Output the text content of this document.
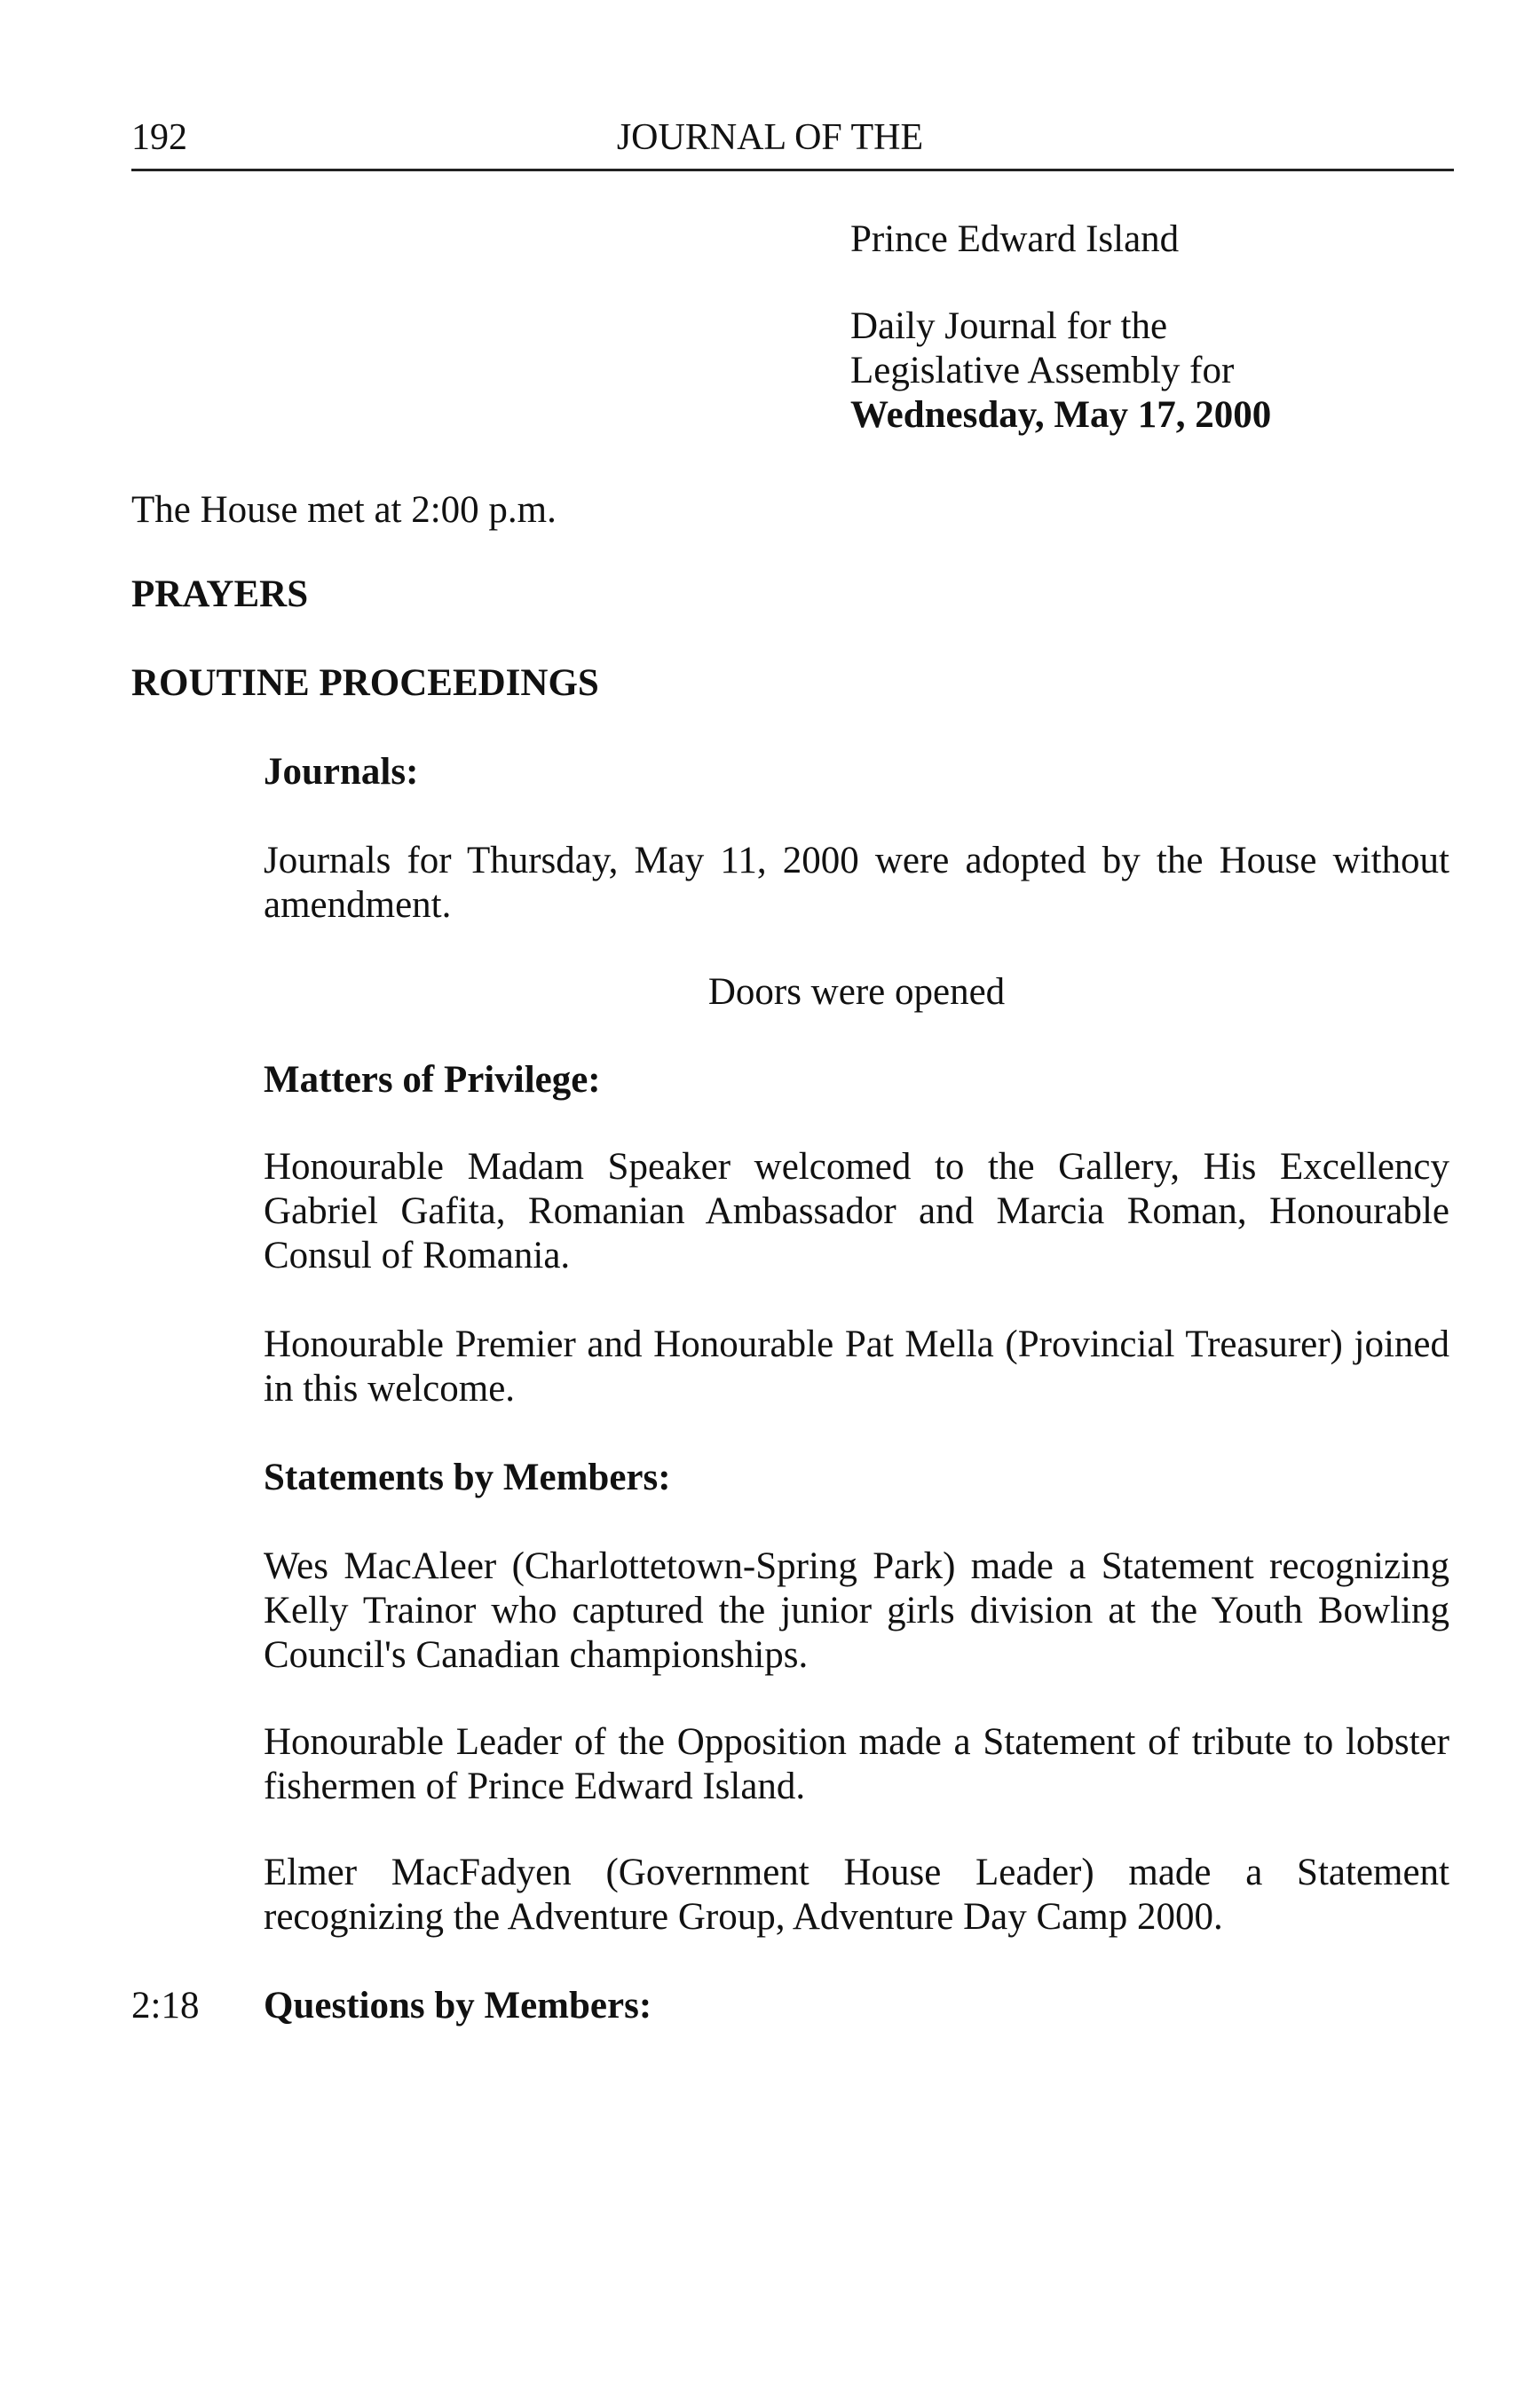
192	JOURNAL OF THE
Prince Edward Island
Daily Journal for the
Legislative Assembly for
Wednesday, May 17, 2000
The House met at 2:00 p.m.
PRAYERS
ROUTINE PROCEEDINGS
Journals:

Journals for Thursday, May 11, 2000 were adopted by the House without amendment.

Doors were opened
Matters of Privilege:

Honourable Madam Speaker welcomed to the Gallery, His Excellency Gabriel Gafita, Romanian Ambassador and Marcia Roman, Honourable Consul of Romania.

Honourable Premier and Honourable Pat Mella (Provincial Treasurer) joined in this welcome.

Statements by Members:

Wes MacAleer (Charlottetown-Spring Park) made a Statement recognizing Kelly Trainor who captured the junior girls division at the Youth Bowling Council's Canadian championships.

Honourable Leader of the Opposition made a Statement of tribute to lobster fishermen of Prince Edward Island.

Elmer MacFadyen (Government House Leader) made a Statement recognizing the Adventure Group, Adventure Day Camp 2000.

2:18 Questions by Members:
